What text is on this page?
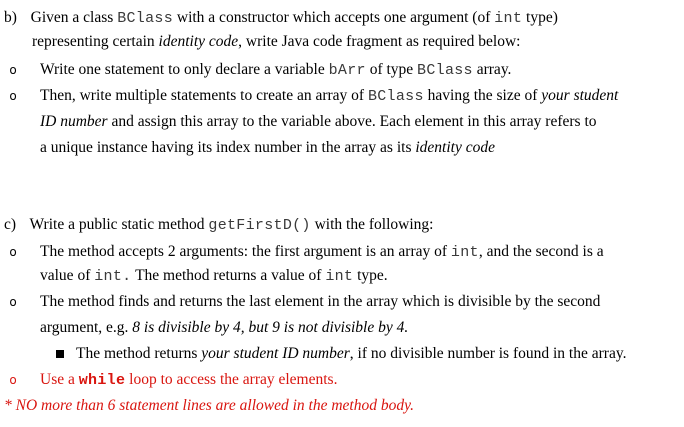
b) Given a class BClass with a constructor which accepts one argument (of int type)
representing certain identity code, write Java code fragment as required below:
o	Write one statement to only declare a variable bArr of type BClass array.
o	Then, write multiple statements to create an array of BClass having the size of your student
ID number and assign this array to the variable above. Each element in this array refers to
a unique instance having its index number in the array as its identity code
c) Write a public static method getFirstD() with the following:
o	The method accepts 2 arguments: the first argument is an array of int, and the second is a
value of int. The method returns a value of int type.
o	The method finds and returns the last element in the array which is divisible by the second
argument, e.g. 8 is divisible by 4, but 9 is not divisible by 4.
The method returns your student ID number, if no divisible number is found in the array.
o	Use a while loop to access the array elements.
* NO more than 6 statement lines are allowed in the method body.
